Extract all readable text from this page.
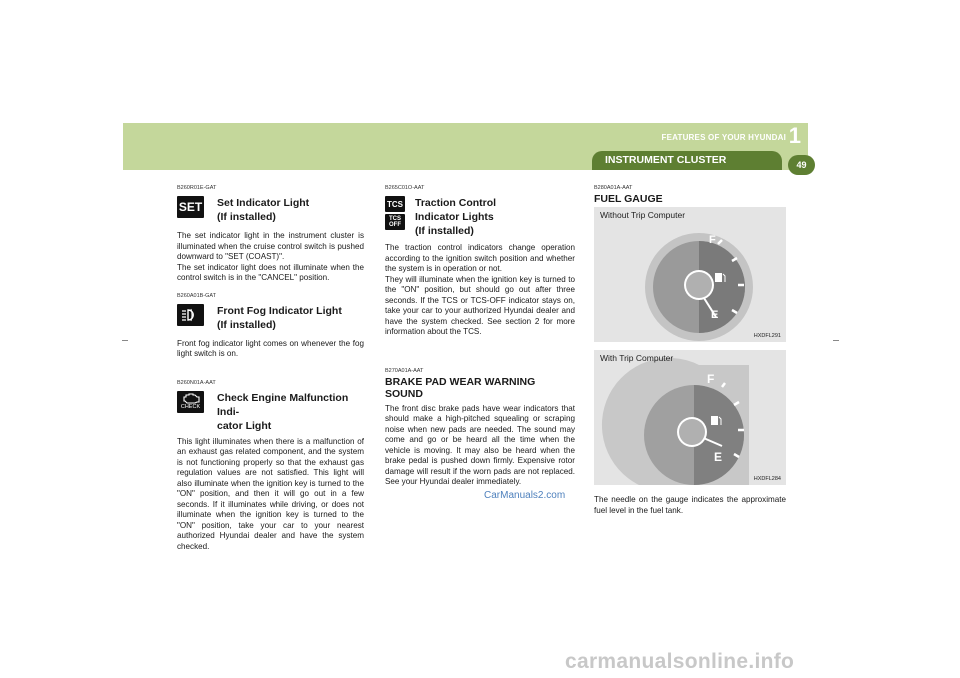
FEATURES OF YOUR HYUNDAI 1
INSTRUMENT CLUSTER	49

B260R01E-GAT

SET Set Indicator Light
(If installed)

The set indicator light in the instrument cluster is illuminated when the cruise control switch is pushed downward to "SET (COAST)".
The set indicator light does not illuminate when the control switch is in the "CANCEL" position.

B260A01B-GAT

Front Fog Indicator Light
(If installed)

Front fog indicator light comes on whenever the fog light switch is on.

B260N01A-AAT

CHECK
Check Engine Malfunction Indi-
cator Light

This light illuminates when there is a malfunction of an exhaust gas related component, and the system is not functioning properly so that the exhaust gas regulation values are not satisfied. This light will also illuminate when the ignition key is turned to the "ON" position, and then it will go out in a few seconds. If it illuminates while driving, or does not illuminate when the ignition key is turned to the "ON" position, take your car to your nearest authorized Hyundai dealer and have the system checked.

B265C01O-AAT

TCS
TCS
OFF
Traction Control
Indicator Lights
(If installed)

The traction control indicators change operation according to the ignition switch position and whether the system is in operation or not.
They will illuminate when the ignition key is turned to the "ON" position, but should go out after three seconds. If the TCS or TCS-OFF indicator stays on, take your car to your authorized Hyundai dealer and have the system checked. See section 2 for more information about the TCS.

B270A01A-AAT

BRAKE PAD WEAR WARNING SOUND

The front disc brake pads have wear indicators that should make a high-pitched squealing or scraping noise when new pads are needed. The sound may come and go or be heard all the time when the vehicle is moving. It may also be heard when the brake pedal is pushed down firmly. Expensive rotor damage will result if the worn pads are not replaced. See your Hyundai dealer immediately.

CarManuals2.com

B280A01A-AAT

FUEL GAUGE

Without Trip Computer
F
E
HXDFL291
With Trip Computer
F
E
HXDFL284

The needle on the gauge indicates the approximate fuel level in the fuel tank.

carmanualsonline.info
